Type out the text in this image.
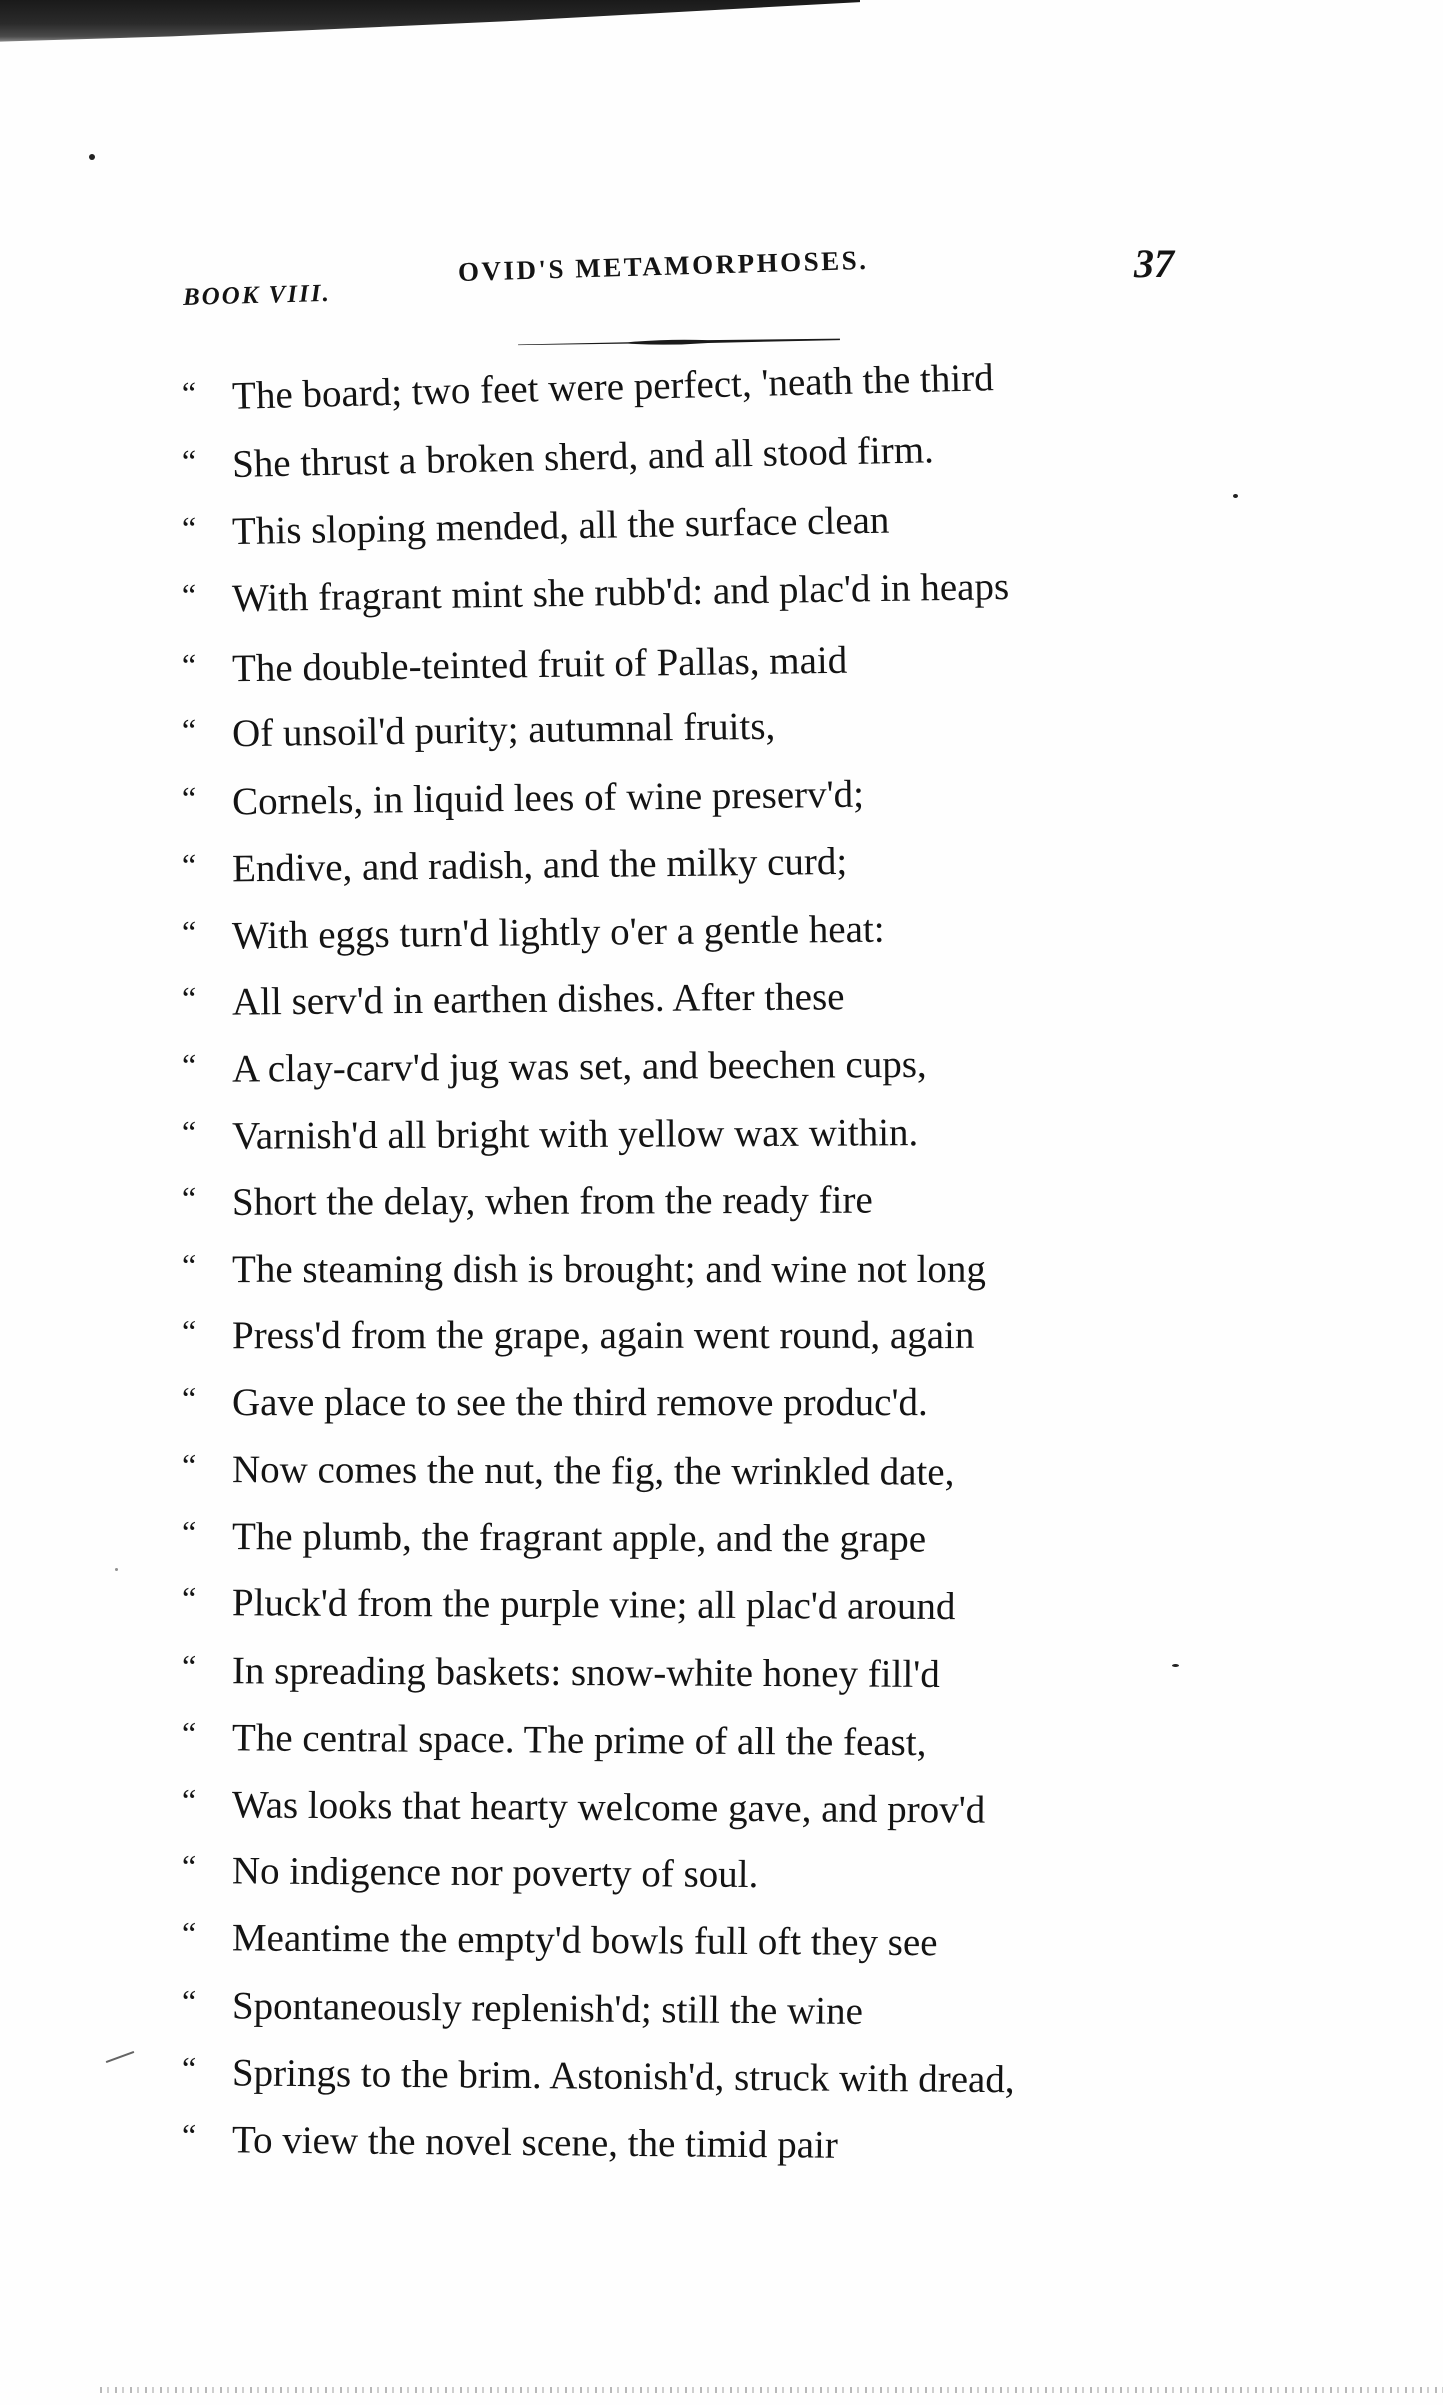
BOOK VIII.
OVID'S METAMORPHOSES.	37
“ The board; two feet were perfect, 'neath the third
“ She thrust a broken sherd, and all stood firm.
“ This sloping mended, all the surface clean
“ With fragrant mint she rubb'd: and plac'd in heaps
“ The double-teinted fruit of Pallas, maid
“ Of unsoil'd purity; autumnal fruits,
“ Cornels, in liquid lees of wine preserv'd;
“ Endive, and radish, and the milky curd;
“ With eggs turn'd lightly o'er a gentle heat:
“ All serv'd in earthen dishes. After these
“ A clay-carv'd jug was set, and beechen cups,
“ Varnish'd all bright with yellow wax within.
“ Short the delay, when from the ready fire
“ The steaming dish is brought; and wine not long
“ Press'd from the grape, again went round, again
“ Gave place to see the third remove produc'd.
“ Now comes the nut, the fig, the wrinkled date,
“ The plumb, the fragrant apple, and the grape
“ Pluck'd from the purple vine; all plac'd around
“ In spreading baskets: snow-white honey fill'd
“ The central space. The prime of all the feast,
“ Was looks that hearty welcome gave, and prov'd
“ No indigence nor poverty of soul.
“ Meantime the empty'd bowls full oft they see
“ Spontaneously replenish'd; still the wine
“ Springs to the brim. Astonish'd, struck with dread,
“ To view the novel scene, the timid pair
